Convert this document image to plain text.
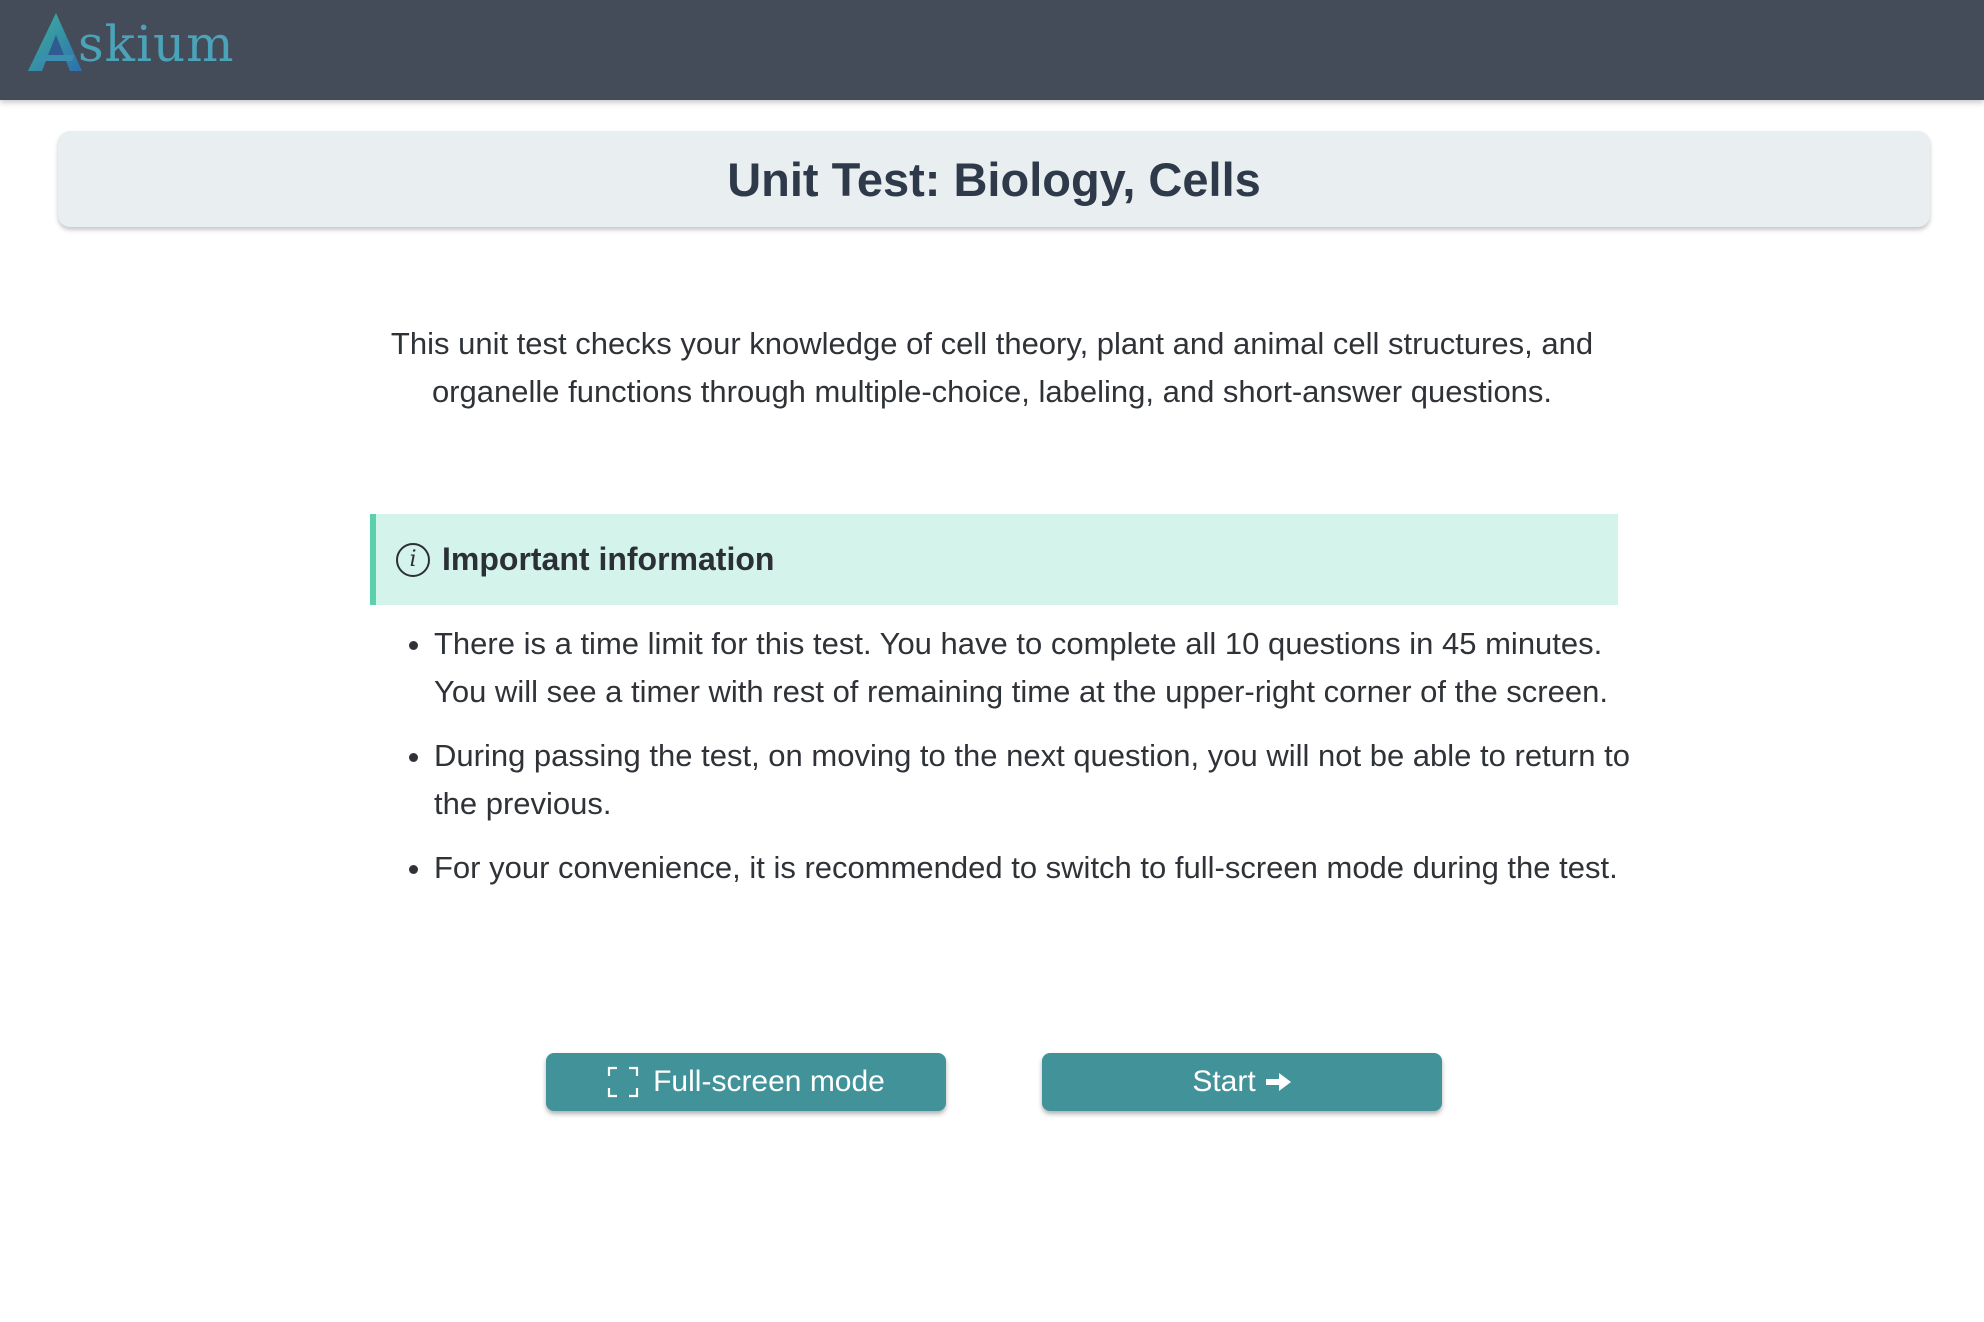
skium
Unit Test: Biology, Cells
This unit test checks your knowledge of cell theory, plant and animal cell structures, and organelle functions through multiple-choice, labeling, and short-answer questions.
i Important information
• There is a time limit for this test. You have to complete all 10 questions in 45 minutes. You will see a timer with rest of remaining time at the upper-right corner of the screen.
• During passing the test, on moving to the next question, you will not be able to return to the previous.
• For your convenience, it is recommended to switch to full-screen mode during the test.
Full-screen mode	Start
